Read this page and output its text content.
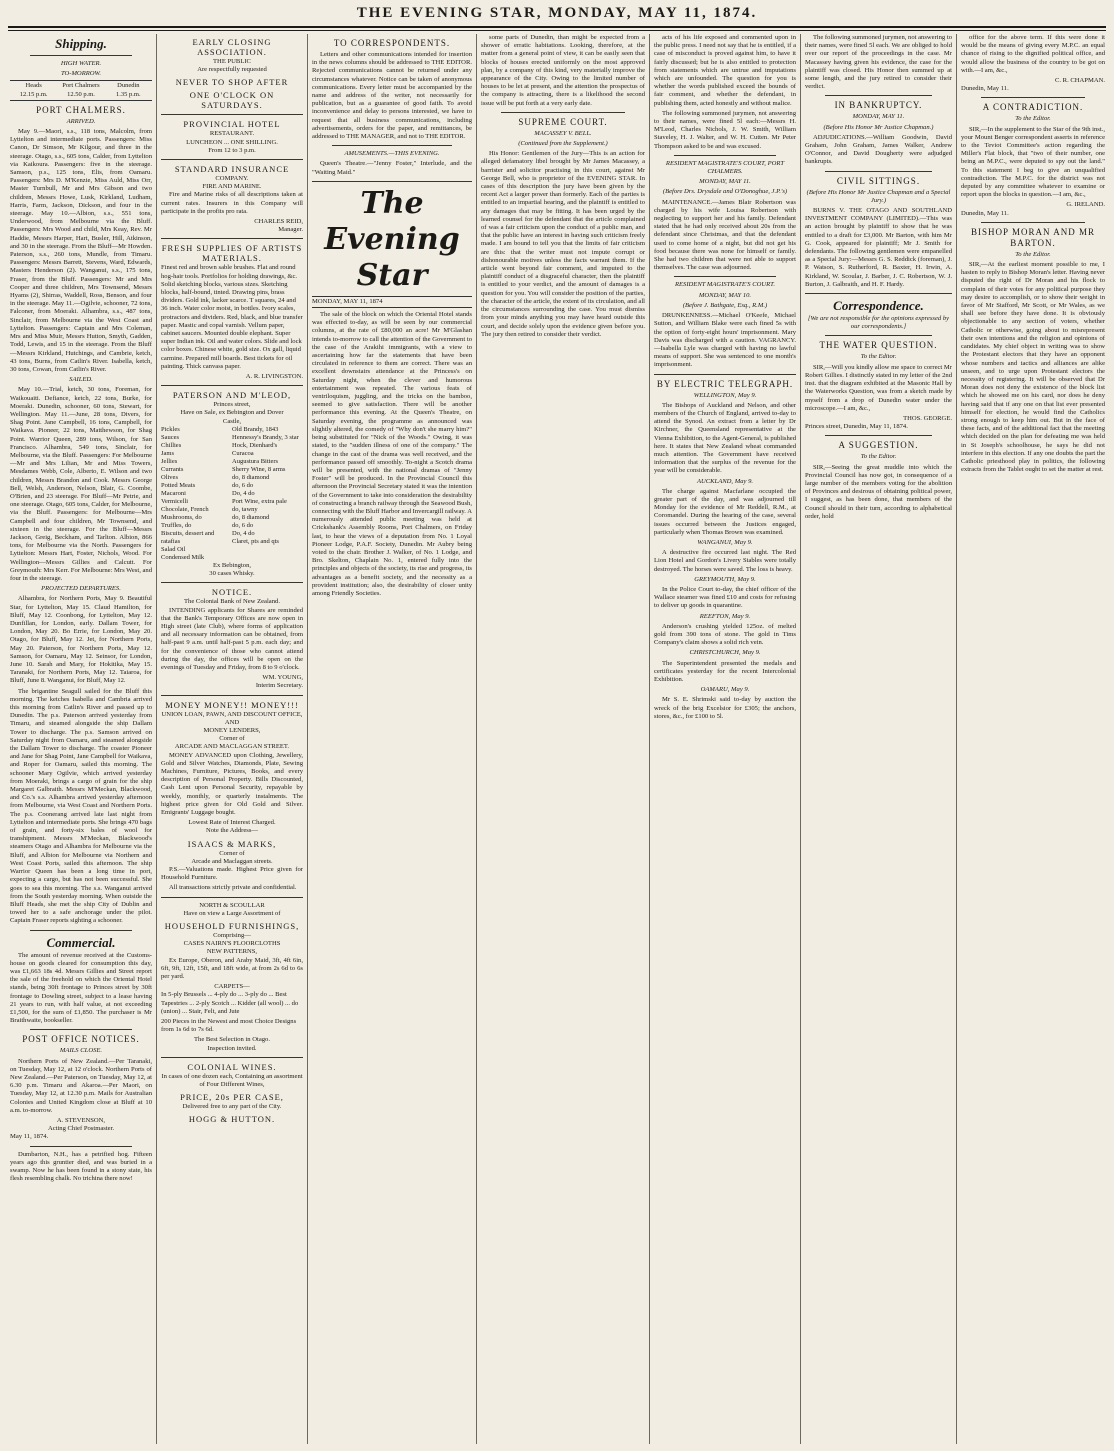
THE EVENING STAR, MONDAY, MAY 11, 1874.
Shipping.
HIGH WATER.
TO-MORROW.
Heads
12.15 p.m.
Port Chalmers
12.50 p.m.
Dunedin
1.35 p.m.
PORT CHALMERS.
ARRIVED.

May 9.—Maori, s.s., 118 tons, Malcolm, from Lyttelton and intermediate ports. Passengers: Miss Canon, Dr Simson, Mr Kilgour, and three in the steerage. Otago, s.s., 605 tons, Calder, from Lyttelton via Kaikoura. Passengers: five in the steerage. Samson, p.s., 125 tons, Elis, from Oamaru. Passengers: Mrs D. M'Kenzie, Miss Auld, Miss Orr, Master Turnbull, Mr and Mrs Gibson and two children, Messrs Howe, Lusk, Kirkland, Ludham, Harris, Farm, Jackson, Dickson, and four in the steerage. May 10.—Albion, s.s., 551 tons, Underwood, from Melbourne via the Bluff. Passengers: Mrs Wood and child, Mrs Keay, Rev. Mr Haddie, Messrs Harper, Hart, Busler, Hill, Atkinson, and 30 in the steerage. From the Bluff—Mr Howden. Paterson, s.s., 260 tons, Mundle, from Timaru. Passengers: Messrs Barrett, Stevens, Ward, Edwards, Masters Henderson (2). Wanganui, s.s., 175 tons, Fraser, from the Bluff. Passengers: Mr and Mrs Cooper and three children, Mrs Townsend, Messrs Hyams (2), Shirras, Waddell, Ross, Benson, and four in the steerage. May 11.—Ogilvie, schooner, 72 tons, Falconer, from Moeraki. Alhambra, s.s., 487 tons, Sinclair, from Melbourne via the West Coast and Lyttelton. Passengers: Captain and Mrs Coleman, Mrs and Miss Muir, Messrs Hutton, Smyth, Gadden, Todd, Lewis, and 15 in the steerage. From the Bluff—Messrs Kirkland, Hutchings, and Cambrie, ketch, 43 tons, Burns, from Catlin's River. Isabella, ketch, 30 tons, Cowan, from Catlin's River.

SAILED.

May 10.—Trial, ketch, 30 tons, Foreman, for Waikouaiti. Defiance, ketch, 22 tons, Burke, for Moeraki. Dunedin, schooner, 60 tons, Stewart, for Wellington. May 11.—June, 28 tons, Divers, for Shag Point. Jane Campbell, 16 tons, Campbell, for Waikava. Pioneer, 22 tons, Matthewson, for Shag Point. Warrior Queen, 289 tons, Wilson, for San Francisco. Alhambra, 549 tons, Sinclair, for Melbourne, via the Bluff. Passengers: For Melbourne—Mr and Mrs Lilian, Mr and Miss Towers, Mesdames Webb, Cole, Alberto, E. Wilson and two children, Messrs Brandon and Cook. Messrs George Bell, Welsh, Anderson, Nelson, Blair, G. Coombe, O'Brien, and 23 steerage. For Bluff—Mr Petrie, and one steerage. Otago, 605 tons, Calder, for Melbourne, via the Bluff. Passengers: for Melbourne—Mrs Campbell and four children, Mr Townsend, and sixteen in the steerage. For the Bluff—Messrs Jackson, Greig, Beckham, and Tarlton. Albion, 866 tons, for Melbourne via the North. Passengers for Lyttelton: Messrs Hart, Foster, Nichols, Wood. For Wellington—Messrs Gillies and Calcutt. For Greymouth: Mrs Kerr. For Melbourne: Mrs West, and four in the steerage.

PROJECTED DEPARTURES.

Alhambra, for Northern Ports, May 9. Beautiful Star, for Lyttelton, May 15. Claud Hamilton, for Bluff, May 12. Coonbong, for Lyttelton, May 12. Dunfillan, for London, early. Dallam Tower, for London, May 20. Bo Errie, for London, May 20. Otago, for Bluff, May 12. Jet, for Northern Ports, May 20. Paterson, for Northern Ports, May 12. Samson, for Oamaru, May 12. Seinsor, for London, June 10. Sarah and Mary, for Hokitika, May 15. Taranaki, for Northern Ports, May 12. Taiaroa, for Bluff, June 8. Wanganui, for Bluff, May 12.

The brigantine Seagull sailed for the Bluff this morning. The ketches Isabella and Cambria arrived this morning from Catlin's River and passed up to Dunedin. The p.s. Paterson arrived yesterday from Timaru, and steamed alongside the ship Dallam Tower to discharge. The p.s. Samson arrived on Saturday night from Oamaru, and steamed alongside the Dallam Tower to discharge. The coaster Pioneer and Jane for Shag Point, Jane Campbell for Waikava, and Roper for Oamaru, sailed this morning. The schooner Mary Ogilvie, which arrived yesterday from Moeraki, brings a cargo of grain for the ship Margaret Galbraith. Messrs M'Meckan, Blackwood, and Co.'s s.s. Alhambra arrived yesterday afternoon from Melbourne, via West Coast and Northern Ports. The p.s. Coonerang arrived late last night from Lyttelton and intermediate ports. She brings 470 bags of grain, and forty-six bales of wool for transhipment. Messrs M'Meckan, Blackwood's steamers Otago and Alhambra for Melbourne via the Bluff, and Albion for Melbourne via Northern and West Coast Ports, sailed this afternoon. The ship Warrior Queen has been a long time in port, expecting a cargo, but has not been successful. She goes to sea this morning. The s.s. Wanganui arrived from the South yesterday morning. When outside the Bluff Heads, she met the ship City of Dublin and towed her to a safe anchorage under the pilot. Captain Fraser reports sighting a schooner.

Commercial.

The amount of revenue received at the Customs-house on goods cleared for consumption this day, was £1,663 18s 4d. Messrs Gillies and Street report the sale of the freehold on which the Oriental Hotel stands, being 30ft frontage to Princes street by 30ft frontage to Dowling street, subject to a lease having 21 years to run, with half value, at not exceeding £1,500, for the sum of £1,850. The purchaser is Mr Braithwaite, bookseller.

POST OFFICE NOTICES.
MAILS CLOSE.

Northern Ports of New Zealand.—Per Taranaki, on Tuesday, May 12, at 12 o'clock. Northern Ports of New Zealand.—Per Paterson, on Tuesday, May 12, at 6.30 p.m. Timaru and Akaroa.—Per Maori, on Tuesday, May 12, at 12.30 p.m. Mails for Australian Colonies and United Kingdom close at Bluff at 10 a.m. to-morrow.

A. STEVENSON,
Acting Chief Postmaster.
May 11, 1874.

Dumbarton, N.H., has a petrified hog. Fifteen years ago this gruntier died, and was buried in a swamp. Now he has been found in a stony state, his flesh resembling chalk. No trichina there now!

EARLY CLOSING ASSOCIATION.
THE PUBLIC
Are respectfully requested
NEVER TO SHOP AFTER
ONE O'CLOCK ON SATURDAYS.
PROVINCIAL HOTEL
RESTAURANT.
LUNCHEON ... ONE SHILLING.
From 12 to 3 p.m.
STANDARD INSURANCE
COMPANY.
FIRE AND MARINE.

Fire and Marine risks of all descriptions taken at current rates. Insurers in this Company will participate in the profits pro rata.

CHARLES REID,
Manager.
FRESH SUPPLIES OF ARTISTS MATERIALS.

Finest red and brown sable brushes. Flat and round hog-hair tools. Portfolios for holding drawings, &c. Solid sketching blocks, various sizes. Sketching blocks, half-bound, tinted. Drawing pins, brass dividers. Gold ink, lacker scarce. T squares, 24 and 36 inch. Water color moist, in bottles. Ivory scales, protractors and dividers. Red, black, and blue transfer paper. Mastic and copal varnish. Vellum paper, cabinet saucers. Mounted double elephant. Super super Indian ink. Oil and water colors. Slide and lock color boxes. Chinese white, gold size. Ox gall, liquid carmine. Prepared mill boards. Best tickets for oil painting. Thick canvass paper.

A. R. LIVINGSTON.
PATERSON AND M'LEOD,
Princes street,
Have on Sale, ex Bebington and Dover
Castle,
Pickles
Sauces
Chillies
Jams
Jellies
Currants
Olives
Potted Meats
Macaroni
Vermicelli
Chocolate, French
Mushrooms, do
Truffles, do
Biscuits, dessert and ratafias
Salad Oil
Condensed Milk
Old Brandy, 1843
Hennessy's Brandy, 3 star
Hock, Dienhard's
Curacoa
Augustura Bitters
Sherry Wine, 8 arms
do, 8 diamond
do, 6 do
Do, 4 do
Port Wine, extra pale
do, tawny
do, 8 diamond
do, 6 do
Do, 4 do
Claret, pts and qts
Ex Bebington,
30 cases Whisky.
NOTICE.
The Colonial Bank of New Zealand.

INTENDING applicants for Shares are reminded that the Bank's Temporary Offices are now open in High street (late Club), where forms of application and all necessary information can be obtained, from half-past 9 a.m. until half-past 5 p.m. each day; and for the convenience of those who cannot attend during the day, the offices will be open on the evenings of Tuesday and Friday, from 8 to 9 o'clock.

WM. YOUNG,
Interim Secretary.
MONEY MONEY!! MONEY!!!
UNION LOAN, PAWN, AND DISCOUNT OFFICE,
AND
MONEY LENDERS,
Corner of
ARCADE AND MACLAGGAN STREET.

MONEY ADVANCED upon Clothing, Jewellery, Gold and Silver Watches, Diamonds, Plate, Sewing Machines, Furniture, Pictures, Books, and every description of Personal Property. Bills Discounted, Cash Lent upon Personal Security, repayable by weekly, monthly, or quarterly instalments. The highest price given for Old Gold and Silver. Emigrants' Luggage bought.

Lowest Rate of Interest Charged.
Note the Address—
ISAACS & MARKS,
Corner of
Arcade and Maclaggan streets.

P.S.—Valuations made. Highest Price given for Household Furniture.

All transactions strictly private and confidential.

NORTH & SCOULLAR
Have on view a Large Assortment of
HOUSEHOLD FURNISHINGS,
Comprising—
CASES NAIRN'S FLOORCLOTHS
NEW PATTERNS,

Ex Europe, Oberon, and Araby Maid, 3ft, 4ft 6in, 6ft, 9ft, 12ft, 15ft, and 18ft wide, at from 2s 6d to 6s per yard.

CARPETS—

In 5-ply Brussels ... 4-ply do ... 3-ply do ... Best Tapestries ... 2-ply Scotch ... Kidder (all wool) ... do (union) ... Stair, Felt, and Jute

200 Pieces in the Newest and most Choice Designs from 1s 6d to 7s 6d.

The Best Selection in Otago.
Inspection invited.
COLONIAL WINES.

In cases of one dozen each, Containing an assortment of Four Different Wines,

PRICE, 20s PER CASE,
Delivered free to any part of the City.
HOGG & HUTTON.
TO CORRESPONDENTS.

Letters and other communications intended for insertion in the news columns should be addressed to THE EDITOR. Rejected communications cannot be returned under any circumstances whatever. Notice can be taken of anonymous communications. Every letter must be accompanied by the name and address of the writer, not necessarily for publication, but as a guarantee of good faith. To avoid inconvenience and delay to persons interested, we have to request that all business communications, including advertisements, orders for the paper, and remittances, be addressed to THE MANAGER, and not to THE EDITOR.

AMUSEMENTS.—THIS EVENING.

Queen's Theatre.—"Jenny Foster," Interlude, and the "Waiting Maid."

The Evening Star
MONDAY, MAY 11, 1874

The sale of the block on which the Oriental Hotel stands was effected to-day, as will be seen by our commercial columns, at the rate of £80,000 an acre! Mr M'Glashan intends to-morrow to call the attention of the Government to the case of the Arakihi immigrants, with a view to ascertaining how far the statements that have been circulated in reference to them are correct. There was an excellent downstairs attendance at the Princess's on Saturday night, when the clever and humorous entertainment was repeated. The various feats of ventriloquism, juggling, and the tricks on the bamboo, seemed to give satisfaction. There will be another performance this evening. At the Queen's Theatre, on Saturday evening, the programme as announced was slightly altered, the comedy of "Why don't she marry him?" being substituted for "Nick of the Woods." Owing, it was stated, to the "sudden illness of one of the company." The change in the cast of the drama was well received, and the performance passed off smoothly. To-night a Scotch drama will be presented, with the national dramas of "Jenny Foster" will be produced. In the Provincial Council this afternoon the Provincial Secretary stated it was the intention of the Government to take into consideration the desirability of constructing a branch railway through the Seawood Bush, connecting with the Bluff Harbor and Invercargill railway. A numerously attended public meeting was held at Crickshank's Assembly Rooms, Port Chalmers, on Friday last, to hear the views of a deputation from No. 1 Loyal Pioneer Lodge, P.A.F. Society, Dunedin. Mr Aubry being voted to the chair. Brother J. Walker, of No. 1 Lodge, and Bro. Skelton, Chaplain No. 1, entered fully into the principles and objects of the society, its rise and progress, its advantages as a benefit society, and the necessity as a provident institution; also, the desirability of closer unity among Friendly Societies.

some parts of Dunedin, than might be expected from a shower of erratic habitations. Looking, therefore, at the matter from a general point of view, it can be easily seen that blocks of houses erected uniformly on the most approved plan, by a company of this kind, very materially improve the appearance of the City. Owing to the limited number of houses to be let at present, and the attention the prospectus of the company is attracting, there is a likelihood the second issue will be put forth at a very early date.

SUPREME COURT.
MACASSEY V. BELL.
(Continued from the Supplement.)

His Honor: Gentlemen of the Jury—This is an action for alleged defamatory libel brought by Mr James Macassey, a barrister and solicitor practising in this court, against Mr George Bell, who is proprietor of the EVENING STAR. In cases of this description the jury have been given by the recent Act a larger power than formerly. Each of the parties is entitled to an impartial hearing, and the plaintiff is entitled to any damages that may be fitting. It has been urged by the learned counsel for the defendant that the article complained of was a fair criticism upon the conduct of a public man, and that the public have an interest in having such criticism freely made. I am bound to tell you that the limits of fair criticism are this: that the writer must not impute corrupt or dishonourable motives unless the facts warrant them. If the article went beyond fair comment, and imputed to the plaintiff conduct of a disgraceful character, then the plaintiff is entitled to your verdict, and the amount of damages is a question for you. You will consider the position of the parties, the character of the article, the extent of its circulation, and all the circumstances surrounding the case. You must dismiss from your minds anything you may have heard outside this court, and decide solely upon the evidence given before you. The jury then retired to consider their verdict.

acts of his life exposed and commented upon in the public press. I need not say that he is entitled, if a case of misconduct is proved against him, to have it fairly discussed; but he is also entitled to protection from statements which are untrue and imputations which are unfounded. The question for you is whether the words published exceed the bounds of fair comment, and whether the defendant, in publishing them, acted honestly and without malice.

The following summoned jurymen, not answering to their names, were fined 5l each:—Messrs H. M'Leod, Charles Nichols, J. W. Smith, William Staveley, H. J. Walter, and W. H. Cutten. Mr Peter Thompson asked to be and was excused.

RESIDENT MAGISTRATE'S COURT, PORT CHALMERS.
MONDAY, MAY 11.
(Before Drs. Drysdale and O'Donoghue, J.P.'s)

MAINTENANCE.—James Blair Robertson was charged by his wife Louisa Robertson with neglecting to support her and his family. Defendant stated that he had only received about 20s from the defendant since Christmas, and that the defendant used to come home of a night, but did not get his food because there was none for himself or family. She had two children that were not able to support themselves. The case was adjourned.

RESIDENT MAGISTRATE'S COURT.
MONDAY, MAY 10.
(Before J. Bathgate, Esq., R.M.)

DRUNKENNESS.—Michael O'Keefe, Michael Sutton, and William Blake were each fined 5s with the option of forty-eight hours' imprisonment. Mary Davis was discharged with a caution. VAGRANCY.—Isabella Lyle was charged with having no lawful means of support. She was sentenced to one month's imprisonment.

BY ELECTRIC TELEGRAPH.
WELLINGTON, May 9.

The Bishops of Auckland and Nelson, and other members of the Church of England, arrived to-day to attend the Synod. An extract from a letter by Dr Kirchner, the Queensland representative at the Vienna Exhibition, to the Agent-General, is published here. It states that New Zealand wheat commanded much attention. The Government have received information that the surplus of the revenue for the year will be considerable.

AUCKLAND, May 9.

The charge against Macfarlane occupied the greater part of the day, and was adjourned till Monday for the evidence of Mr Reddell, R.M., at Coromandel. During the hearing of the case, several issues occurred between the Justices engaged, particularly when Thomas Brown was examined.

WANGANUI, May 9.

A destructive fire occurred last night. The Red Lion Hotel and Gordon's Livery Stables were totally destroyed. The horses were saved. The loss is heavy.

GREYMOUTH, May 9.

In the Police Court to-day, the chief officer of the Wallace steamer was fined £10 and costs for refusing to deliver up goods in quarantine.

REEFTON, May 9.

Anderson's crushing yielded 125oz. of melted gold from 390 tons of stone. The gold in Tims Company's claim shows a solid rich vein.

CHRISTCHURCH, May 9.

The Superintendent presented the medals and certificates yesterday for the recent Intercolonial Exhibition.

OAMARU, May 9.

Mr S. E. Shrimski said to-day by auction the wreck of the brig Excelsior for £305; the anchors, stores, &c., for £100 to 5l.

The following summoned jurymen, not answering to their names, were fined 5l each. We are obliged to hold over our report of the proceedings in the case. Mr Macassey having given his evidence, the case for the plaintiff was closed. His Honor then summed up at some length, and the jury retired to consider their verdict.

IN BANKRUPTCY.
MONDAY, MAY 11.
(Before His Honor Mr Justice Chapman.)

ADJUDICATIONS.—William Goodwin, David Graham, John Graham, James Walker, Andrew O'Connor, and David Dougherty were adjudged bankrupts.

CIVIL SITTINGS.
(Before His Honor Mr Justice Chapman and a Special Jury.)

BURNS V. THE OTAGO AND SOUTHLAND INVESTMENT COMPANY (LIMITED).—This was an action brought by plaintiff to show that he was entitled to a draft for £3,000. Mr Barton, with him Mr G. Cook, appeared for plaintiff; Mr J. Smith for defendants. The following gentlemen were empanelled as a Special Jury:—Messrs G. S. Reddick (foreman), J. P. Watson, S. Rutherford, R. Baxter, H. Irwin, A. Kirkland, W. Scoular, J. Barber, J. C. Robertson, W. J. Burton, J. Galbraith, and H. F. Hardy.

Correspondence.
[We are not responsible for the opinions expressed by our correspondents.]
THE WATER QUESTION.
To the Editor.

SIR,—Will you kindly allow me space to correct Mr Robert Gillies. I distinctly stated in my letter of the 2nd inst. that the diagram exhibited at the Masonic Hall by the Waterworks Question, was from a sketch made by myself from a drop of Dunedin water under the microscope.—I am, &c.,

THOS. GEORGE.
Princes street, Dunedin, May 11, 1874.
A SUGGESTION.
To the Editor.

SIR,—Seeing the great muddle into which the Provincial Council has now got, in consequence of a large number of the members voting for the abolition of Provinces and desirous of obtaining political power, I suggest, as has been done, that members of the Council should in their turn, according to alphabetical order, hold

office for the above term. If this were done it would be the means of giving every M.P.C. an equal chance of rising to the dignified political office, and would allow the business of the country to be got on with.—I am, &c.,

C. R. CHAPMAN.
Dunedin, May 11.
A CONTRADICTION.
To the Editor.

SIR,—In the supplement to the Star of the 9th inst., your Mount Benger correspondent asserts in reference to the Teviot Committee's action regarding the Miller's Flat block, that "two of their number, one being an M.P.C., were deputed to spy out the land." To this statement I beg to give an unqualified contradiction. The M.P.C. for the district was not deputed by any committee whatever to examine or report upon the blocks in question.—I am, &c.,

G. IRELAND.
Dunedin, May 11.
BISHOP MORAN AND MR BARTON.
To the Editor.

SIR,—At the earliest moment possible to me, I hasten to reply to Bishop Moran's letter. Having never disputed the right of Dr Moran and his flock to complain of their votes for any political purpose they may desire to accomplish, or to show their weight in favor of Mr Stafford, Mr Scott, or Mr Wales, as we shall see before they have done. It is obviously objectionable to any section of voters, whether Catholic or otherwise, going about to misrepresent their own intentions and the religion and opinions of candidates. My chief object in writing was to show the Protestant electors that they have an opponent whose numbers and tactics and alliances are alike unseen, and to urge upon Protestant electors the necessity of registering. It will be observed that Dr Moran does not deny the existence of the block list which he showed me on his card, nor does he deny having said that if any one on that list ever presented himself for election, he would find the Catholics strong enough to keep him out. But in the face of these facts, and of the additional fact that the meeting which decided on the plan for defeating me was held in St Joseph's schoolhouse, he says he did not interfere in this election. If any one doubts the part the Catholic priesthood play in politics, the following extracts from the Tablet ought to set the matter at rest.
